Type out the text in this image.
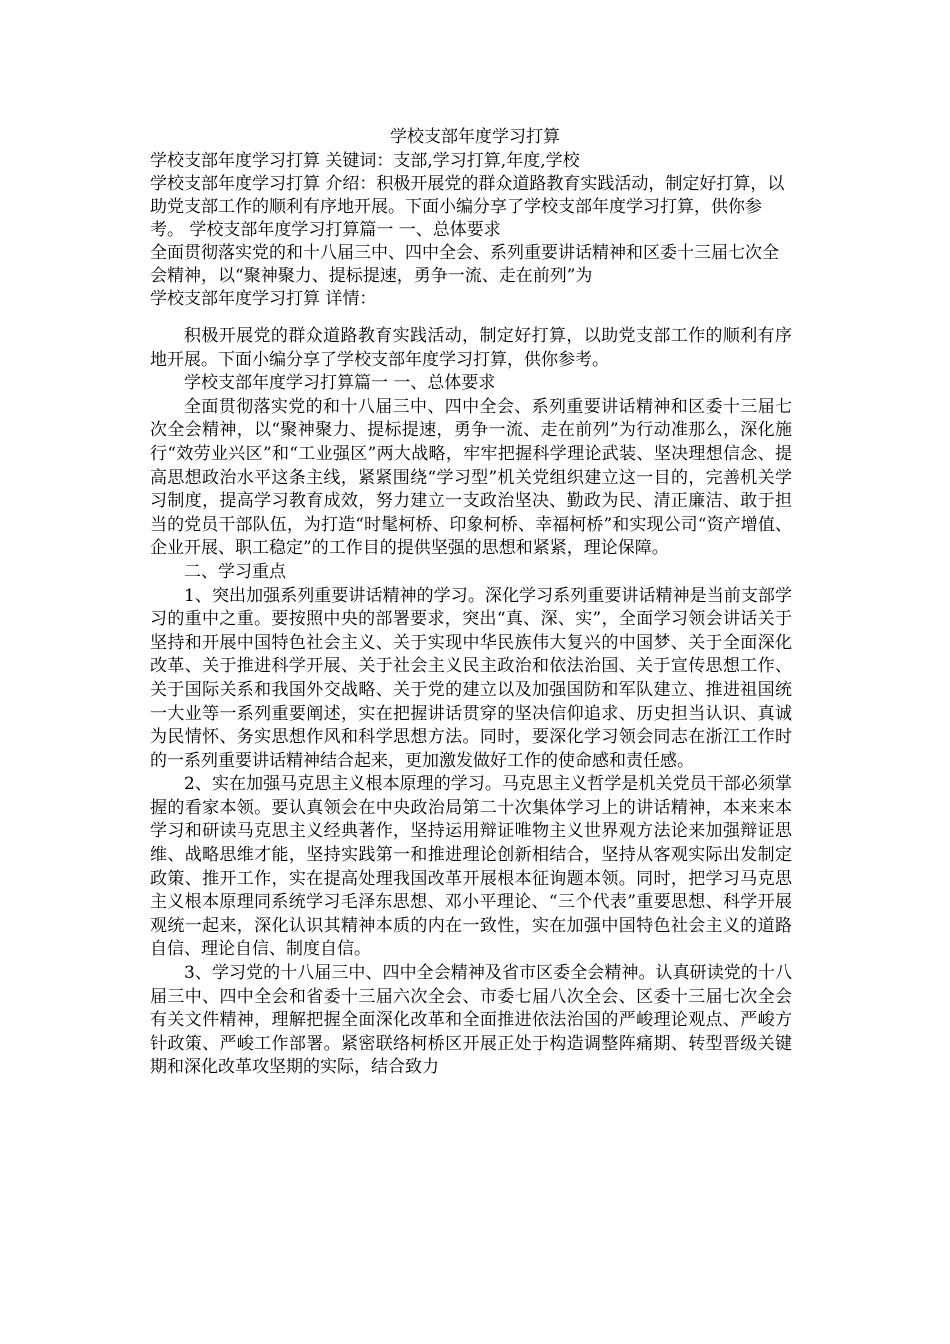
学校支部年度学习打算

学校支部年度学习打算 关键词：支部,学习打算,年度,学校

学校支部年度学习打算 介绍：积极开展党的群众道路教育实践活动，制定好打算，以助党支部工作的顺利有序地开展。下面小编分享了学校支部年度学习打算，供你参考。 学校支部年度学习打算篇一 一、总体要求

全面贯彻落实党的和十八届三中、四中全会、系列重要讲话精神和区委十三届七次全会精神，以“聚神聚力、提标提速，勇争一流、走在前列”为

学校支部年度学习打算 详情：

积极开展党的群众道路教育实践活动，制定好打算，以助党支部工作的顺利有序地开展。下面小编分享了学校支部年度学习打算，供你参考。

学校支部年度学习打算篇一 一、总体要求

全面贯彻落实党的和十八届三中、四中全会、系列重要讲话精神和区委十三届七次全会精神，以“聚神聚力、提标提速，勇争一流、走在前列”为行动准那么，深化施行“效劳业兴区”和“工业强区”两大战略，牢牢把握科学理论武装、坚决理想信念、提高思想政治水平这条主线，紧紧围绕“学习型”机关党组织建立这一目的，完善机关学习制度，提高学习教育成效，努力建立一支政治坚决、勤政为民、清正廉洁、敢于担当的党员干部队伍，为打造“时髦柯桥、印象柯桥、幸福柯桥”和实现公司“资产增值、企业开展、职工稳定”的工作目的提供坚强的思想和紧紧，理论保障。

二、学习重点

1、突出加强系列重要讲话精神的学习。深化学习系列重要讲话精神是当前支部学习的重中之重。要按照中央的部署要求，突出“真、深、实”，全面学习领会讲话关于坚持和开展中国特色社会主义、关于实现中华民族伟大复兴的中国梦、关于全面深化改革、关于推进科学开展、关于社会主义民主政治和依法治国、关于宣传思想工作、关于国际关系和我国外交战略、关于党的建立以及加强国防和军队建立、推进祖国统一大业等一系列重要阐述，实在把握讲话贯穿的坚决信仰追求、历史担当认识、真诚为民情怀、务实思想作风和科学思想方法。同时，要深化学习领会同志在浙江工作时的一系列重要讲话精神结合起来，更加激发做好工作的使命感和责任感。

2、实在加强马克思主义根本原理的学习。马克思主义哲学是机关党员干部必须掌握的看家本领。要认真领会在中央政治局第二十次集体学习上的讲话精神，本来来本学习和研读马克思主义经典著作，坚持运用辩证唯物主义世界观方法论来加强辩证思维、战略思维才能，坚持实践第一和推进理论创新相结合，坚持从客观实际出发制定政策、推开工作，实在提高处理我国改革开展根本征询题本领。同时，把学习马克思主义根本原理同系统学习毛泽东思想、邓小平理论、“三个代表”重要思想、科学开展观统一起来，深化认识其精神本质的内在一致性，实在加强中国特色社会主义的道路自信、理论自信、制度自信。

3、学习党的十八届三中、四中全会精神及省市区委全会精神。认真研读党的十八届三中、四中全会和省委十三届六次全会、市委七届八次全会、区委十三届七次全会有关文件精神，理解把握全面深化改革和全面推进依法治国的严峻理论观点、严峻方针政策、严峻工作部署。紧密联络柯桥区开展正处于构造调整阵痛期、转型晋级关键期和深化改革攻坚期的实际，结合致力
